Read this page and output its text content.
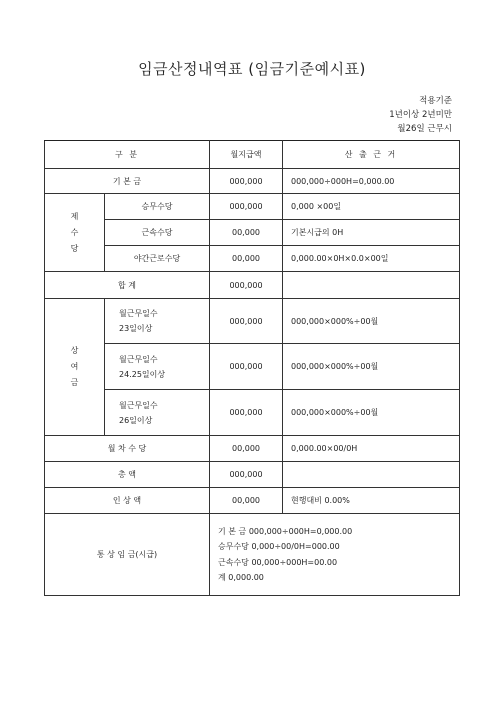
임금산정내역표 (임금기준예시표)
적용기준
1년이상 2년미만
월26일 근무시
구 분		월지급액	산 출 근 거
기 본 금		000,000	000,000÷000H=0,000.00
제
수
당	승무수당	000,000	0,000 ×00일
	근속수당	00,000	기본시급의 0H
	야간근로수당	00,000	0,000.00×0H×0.0×00일
합 계		000,000	
상
여
금	월근무일수
23일이상	000,000	000,000×000%÷00월
	월근무일수
24.25일이상	000,000	000,000×000%÷00월
	월근무일수
26일이상	000,000	000,000×000%÷00월
월 차 수 당		00,000	0,000.00×00/0H
총 액		000,000	
인 상 액		00,000	현행대비 0.00%
통 상 임 금(시급)		기 본 금 000,000÷000H=0,000.00
승무수당 0,000÷00/0H=000.00
근속수당 00,000÷000H=00.00
계 0,000.00	
